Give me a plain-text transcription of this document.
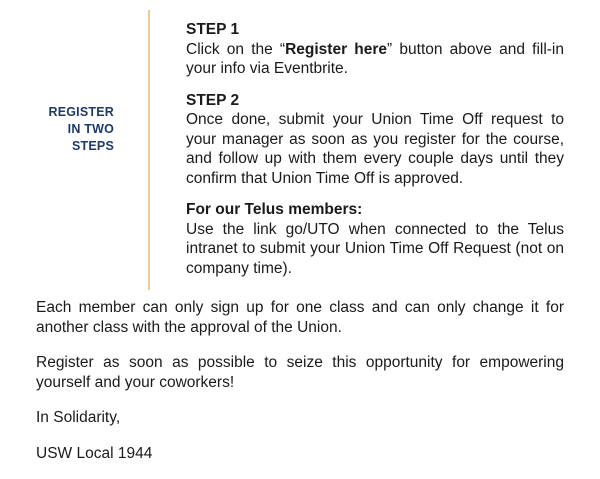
REGISTER
IN TWO
STEPS
STEP 1
Click on the “Register here” button above and fill-in your info via Eventbrite.
STEP 2
Once done, submit your Union Time Off request to your manager as soon as you register for the course, and follow up with them every couple days until they confirm that Union Time Off is approved.
For our Telus members:
Use the link go/UTO when connected to the Telus intranet to submit your Union Time Off Request (not on company time).

Each member can only sign up for one class and can only change it for another class with the approval of the Union.

Register as soon as possible to seize this opportunity for empowering yourself and your coworkers!

In Solidarity,

USW Local 1944
